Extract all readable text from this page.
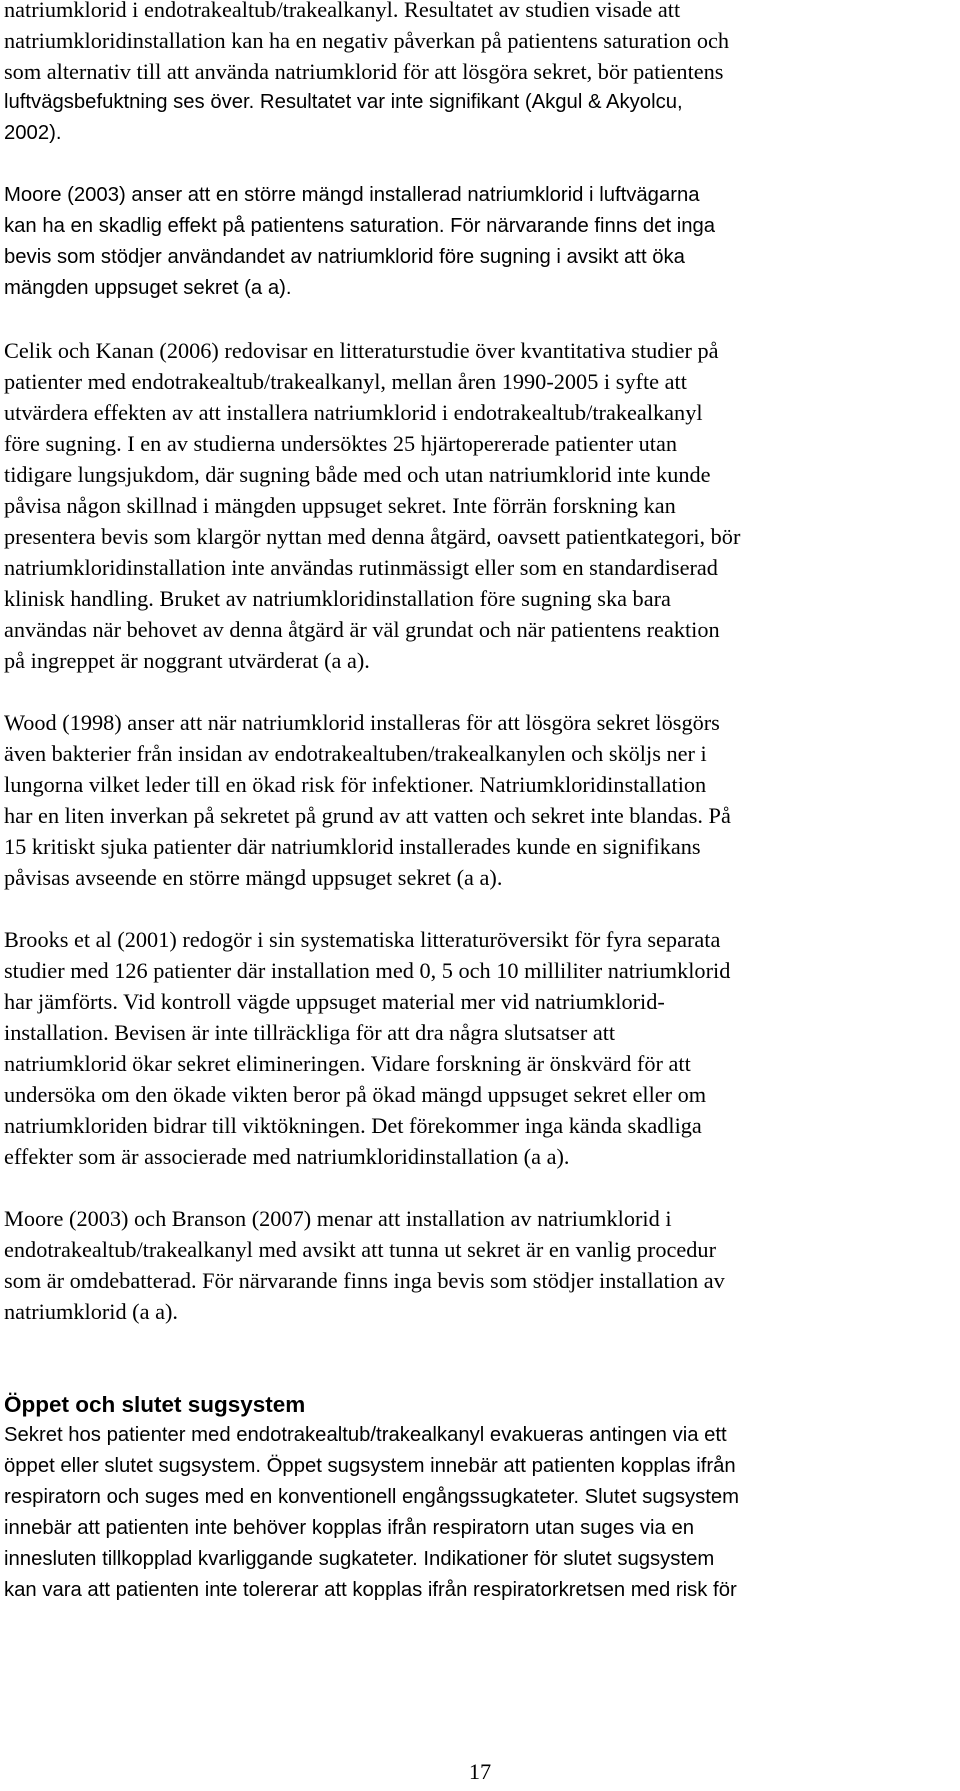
natriumklorid i endotrakealtub/trakealkanyl. Resultatet av studien visade att
natriumkloridinstallation kan ha en negativ påverkan på patientens saturation och
som alternativ till att använda natriumklorid för att lösgöra sekret, bör patientens
luftvägsbefuktning ses över. Resultatet var inte signifikant (Akgul & Akyolcu,
2002).

Moore (2003) anser att en större mängd installerad natriumklorid i luftvägarna
kan ha en skadlig effekt på patientens saturation. För närvarande finns det inga
bevis som stödjer användandet av natriumklorid före sugning i avsikt att öka
mängden uppsuget sekret (a a).

Celik och Kanan (2006) redovisar en litteraturstudie över kvantitativa studier på
patienter med endotrakealtub/trakealkanyl, mellan åren 1990-2005 i syfte att
utvärdera effekten av att installera natriumklorid i endotrakealtub/trakealkanyl
före sugning. I en av studierna undersöktes 25 hjärtopererade patienter utan
tidigare lungsjukdom, där sugning både med och utan natriumklorid inte kunde
påvisa någon skillnad i mängden uppsuget sekret. Inte förrän forskning kan
presentera bevis som klargör nyttan med denna åtgärd, oavsett patientkategori, bör
natriumkloridinstallation inte användas rutinmässigt eller som en standardiserad
klinisk handling. Bruket av natriumkloridinstallation före sugning ska bara
användas när behovet av denna åtgärd är väl grundat och när patientens reaktion
på ingreppet är noggrant utvärderat (a a).

Wood (1998) anser att när natriumklorid installeras för att lösgöra sekret lösgörs
även bakterier från insidan av endotrakealtuben/trakealkanylen och sköljs ner i
lungorna vilket leder till en ökad risk för infektioner. Natriumkloridinstallation
har en liten inverkan på sekretet på grund av att vatten och sekret inte blandas. På
15 kritiskt sjuka patienter där natriumklorid installerades kunde en signifikans
påvisas avseende en större mängd uppsuget sekret (a a).

Brooks et al (2001) redogör i sin systematiska litteraturöversikt för fyra separata
studier med 126 patienter där installation med 0, 5 och 10 milliliter natriumklorid
har jämförts. Vid kontroll vägde uppsuget material mer vid natriumklorid-
installation. Bevisen är inte tillräckliga för att dra några slutsatser att
natriumklorid ökar sekret elimineringen. Vidare forskning är önskvärd för att
undersöka om den ökade vikten beror på ökad mängd uppsuget sekret eller om
natriumkloriden bidrar till viktökningen. Det förekommer inga kända skadliga
effekter som är associerade med natriumkloridinstallation (a a).

Moore (2003) och Branson (2007) menar att installation av natriumklorid i
endotrakealtub/trakealkanyl med avsikt att tunna ut sekret är en vanlig procedur
som är omdebatterad. För närvarande finns inga bevis som stödjer installation av
natriumklorid (a a).

Öppet och slutet sugsystem

Sekret hos patienter med endotrakealtub/trakealkanyl evakueras antingen via ett
öppet eller slutet sugsystem. Öppet sugsystem innebär att patienten kopplas ifrån
respiratorn och suges med en konventionell engångssugkateter. Slutet sugsystem
innebär att patienten inte behöver kopplas ifrån respiratorn utan suges via en
innesluten tillkopplad kvarliggande sugkateter. Indikationer för slutet sugsystem
kan vara att patienten inte tolererar att kopplas ifrån respiratorkretsen med risk för

17
